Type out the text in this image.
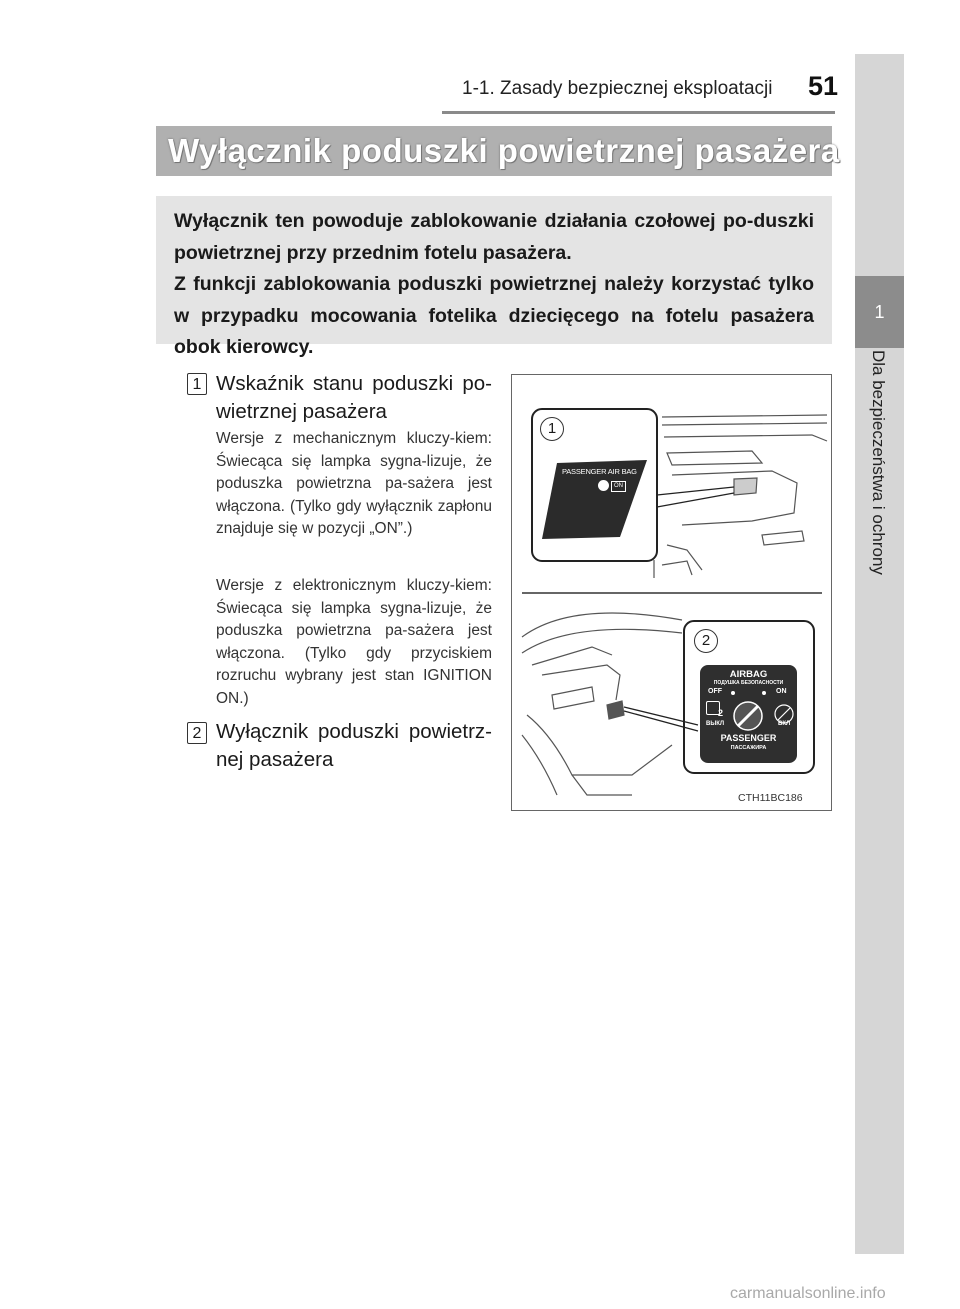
1-1. Zasady bezpiecznej eksploatacji 51
1
Dla bezpieczeństwa i ochrony
Wyłącznik poduszki powietrznej pasażera

Wyłącznik ten powoduje zablokowanie działania czołowej po-duszki powietrznej przy przednim fotelu pasażera.

Z funkcji zablokowania poduszki powietrznej należy korzystać tylko w przypadku mocowania fotelika dziecięcego na fotelu pasażera obok kierowcy.

1 Wskaźnik stanu poduszki po-wietrznej pasażera

Wersje z mechanicznym kluczy-kiem: Świecąca się lampka sygna-lizuje, że poduszka powietrzna pa-sażera jest włączona. (Tylko gdy wyłącznik zapłonu znajduje się w pozycji „ON”.)

Wersje z elektronicznym kluczy-kiem: Świecąca się lampka sygna-lizuje, że poduszka powietrzna pa-sażera jest włączona. (Tylko gdy przyciskiem rozruchu wybrany jest stan IGNITION ON.)

2 Wyłącznik poduszki powietrz-nej pasażera
1
2
PASSENGER AIR BAG
ON
AIRBAG
ПОДУШКА БЕЗОПАСНОСТИ
OFF	ON
2
ВЫКЛ	ВКЛ
PASSENGER
ПАССАЖИРА
CTH11BC186
carmanualsonline.info
